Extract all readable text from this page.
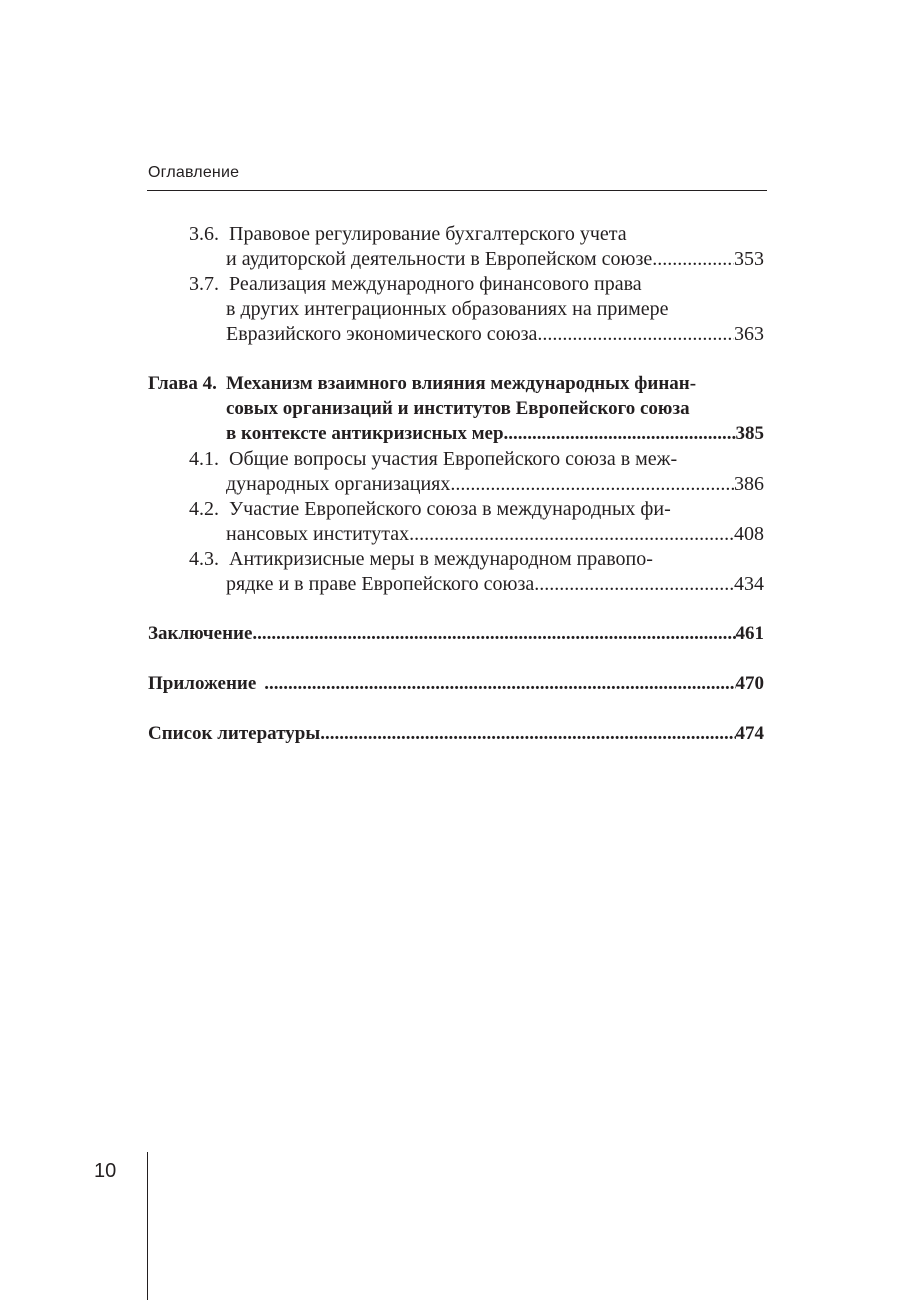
Оглавление
3.6.  Правовое регулирование бухгалтерского учета
и аудиторской деятельности в Европейском союзе .....	353
3.7.  Реализация международного финансового права
в других интеграционных образованиях на примере
Евразийского экономического союза .....	363
Глава 4. Механизм взаимного влияния международных финан-
совых организаций и институтов Европейского союза
в контексте антикризисных мер .....	385
4.1.  Общие вопросы участия Европейского союза в меж-
дународных организациях .....	386
4.2.  Участие Европейского союза в международных фи-
нансовых институтах .....	408
4.3.  Антикризисные меры в международном правопо-
рядке и в праве Европейского союза .....	434
Заключение .....	461
Приложение .....	470
Список литературы .....	474
10
